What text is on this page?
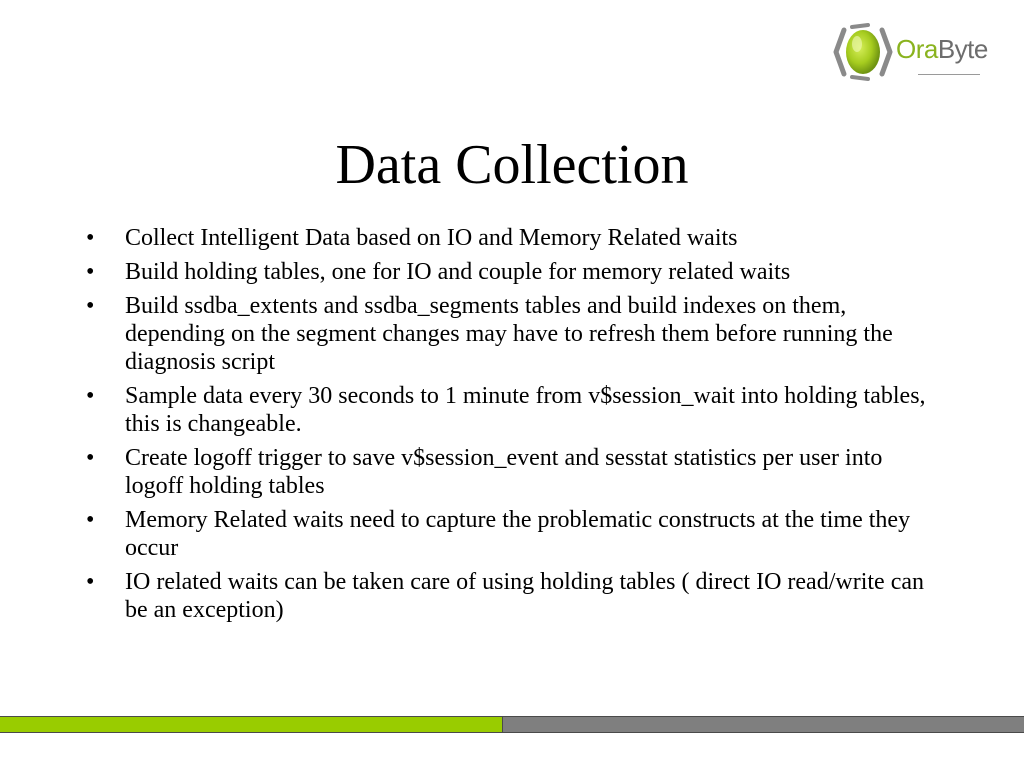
OraByte
Data Collection
• Collect Intelligent Data based on IO and Memory Related waits
• Build holding tables, one for IO and couple for memory related waits
• Build ssdba_extents and ssdba_segments tables and build indexes on them, depending on the segment changes may have to refresh them before running the diagnosis script
• Sample data every 30 seconds to 1 minute from v$session_wait into holding tables, this is changeable.
• Create logoff trigger to save v$session_event and sesstat statistics per user into logoff holding tables
• Memory Related waits need to capture the problematic constructs at the time they occur
• IO related waits can be taken care of using holding tables ( direct IO read/write can be an exception)
